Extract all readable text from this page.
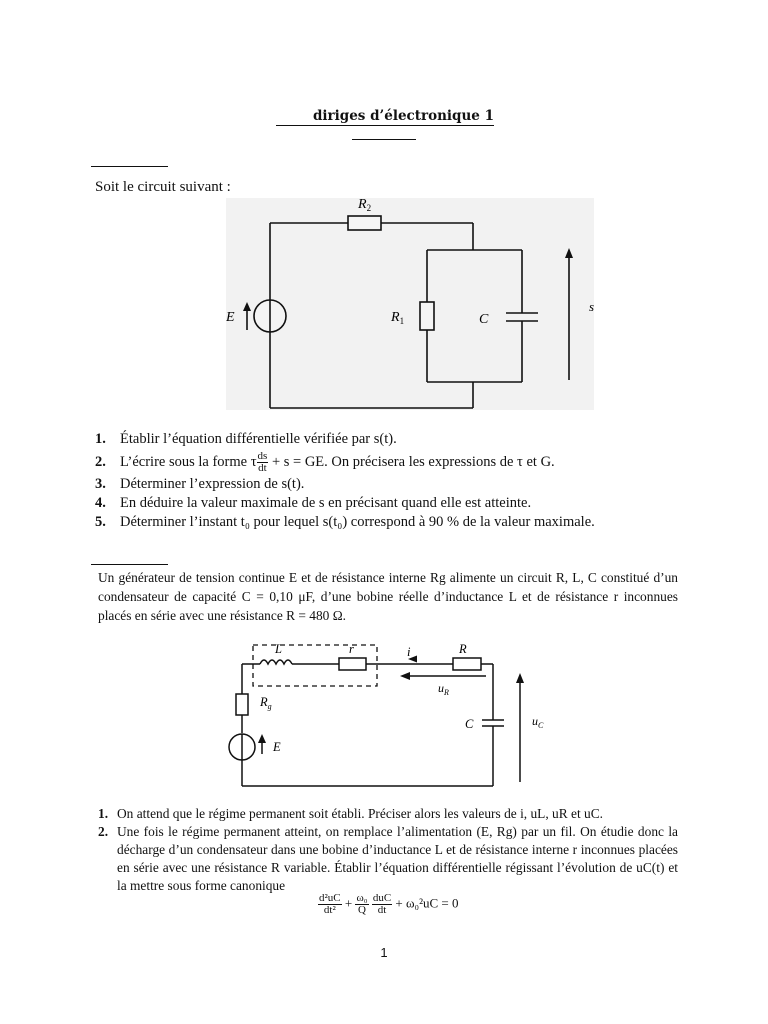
diriges d’électronique 1
Soit le circuit suivant :
$R_2$
E	$R_1$	C
s
1. Établir l’équation différentielle vérifiée par s(t).
2. L’écrire sous la forme τ $\frac{ds}{dt} + s$ = GE. On précisera les expressions de τ et G.
3. Déterminer l’expression de s(t).
4. En déduire la valeur maximale de s en précisant quand elle est atteinte.
5. Déterminer l’instant t₀ pour lequel s(t₀) correspond à 90 % de la valeur maximale.
Un générateur de tension continue E et de résistance interne Rg alimente un circuit R, L, C constitué d’un condensateur de capacité C = 0,10 μF, d’une bobine réelle d’inductance L et de résistance r inconnues placés en série avec une résistance R = 480 Ω.
L	r	i	R
$u_R$
$R_g$
E
C	$u_C$
1. On attend que le régime permanent soit établi. Préciser alors les valeurs de i, uL, uR et uC.
2. Une fois le régime permanent atteint, on remplace l’alimentation (E, Rg) par un fil. On étudie donc la décharge d’un condensateur dans une bobine d’inductance L et de résistance interne r inconnues placées en série avec une résistance R variable. Établir l’équation différentielle régissant l’évolution de uC(t) et la mettre sous forme canonique
$\frac{\text{d²uC}}{\text{dt²}} + \frac{\text{ω₀}}{Q}$
$\frac{\text{duC}}{dt} + \omega_0^2uC = 0$
1
